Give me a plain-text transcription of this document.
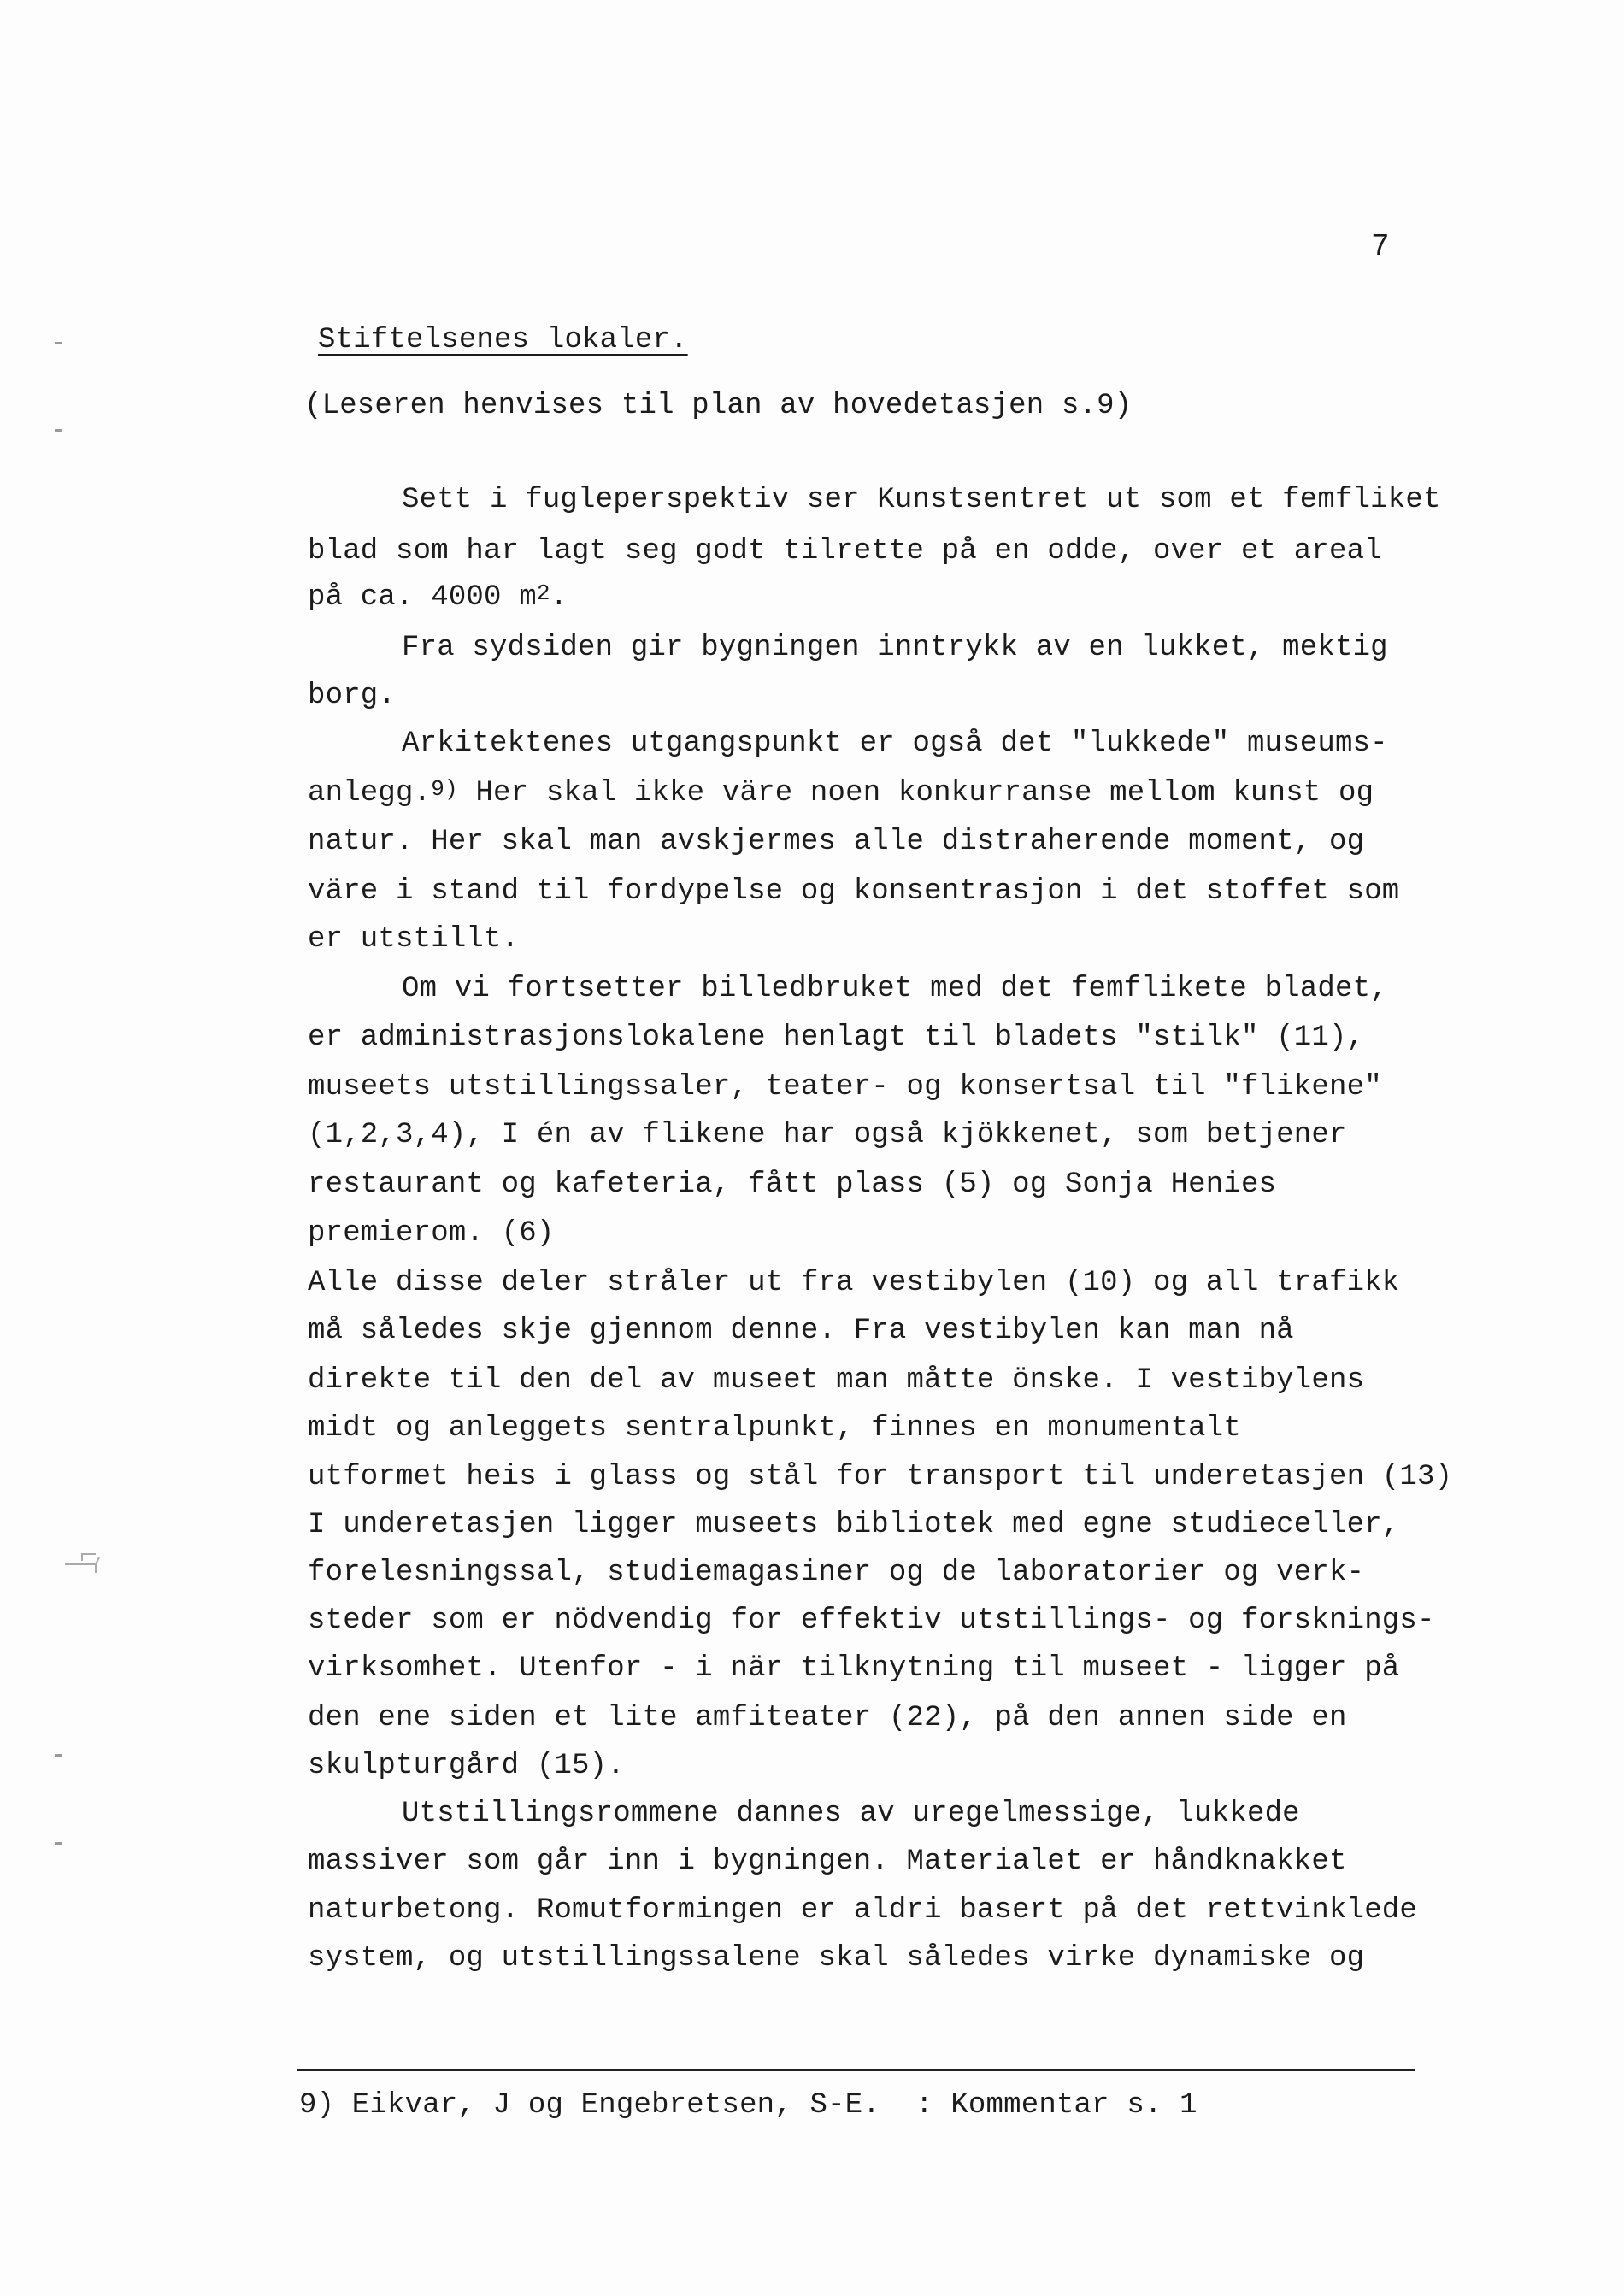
7
Stiftelsenes lokaler.
(Leseren henvises til plan av hovedetasjen s.9)
Sett i fugleperspektiv ser Kunstsentret ut som et femfliket
blad som har lagt seg godt tilrette på en odde, over et areal
på ca. 4000 $m^2$.
Fra sydsiden gir bygningen inntrykk av en lukket, mektig
borg.
Arkitektenes utgangspunkt er også det "lukkede" museums-
anlegg.$^{9)}$ Her skal ikke väre noen konkurranse mellom kunst og
natur. Her skal man avskjermes alle distraherende moment, og
väre i stand til fordypelse og konsentrasjon i det stoffet som
er utstillt.
Om vi fortsetter billedbruket med det femflikete bladet,
er administrasjonslokalene henlagt til bladets "stilk" (11),
museets utstillingssaler, teater- og konsertsal til "flikene"
(1,2,3,4), I én av flikene har også kjökkenet, som betjener
restaurant og kafeteria, fått plass (5) og Sonja Henies
premierom. (6)
Alle disse deler stråler ut fra vestibylen (10) og all trafikk
må således skje gjennom denne. Fra vestibylen kan man nå
direkte til den del av museet man måtte önske. I vestibylens
midt og anleggets sentralpunkt, finnes en monumentalt
utformet heis i glass og stål for transport til underetasjen (13)
I underetasjen ligger museets bibliotek med egne studieceller,
forelesningssal, studiemagasiner og de laboratorier og verk-
steder som er nödvendig for effektiv utstillings- og forsknings-
virksomhet. Utenfor - i när tilknytning til museet - ligger på
den ene siden et lite amfiteater (22), på den annen side en
skulpturgård (15).
Utstillingsrommene dannes av uregelmessige, lukkede
massiver som går inn i bygningen. Materialet er håndknakket
naturbetong. Romutformingen er aldri basert på det rettvinklede
system, og utstillingssalene skal således virke dynamiske og
9) Eikvar, J og Engebretsen, S-E.  : Kommentar s. 1
